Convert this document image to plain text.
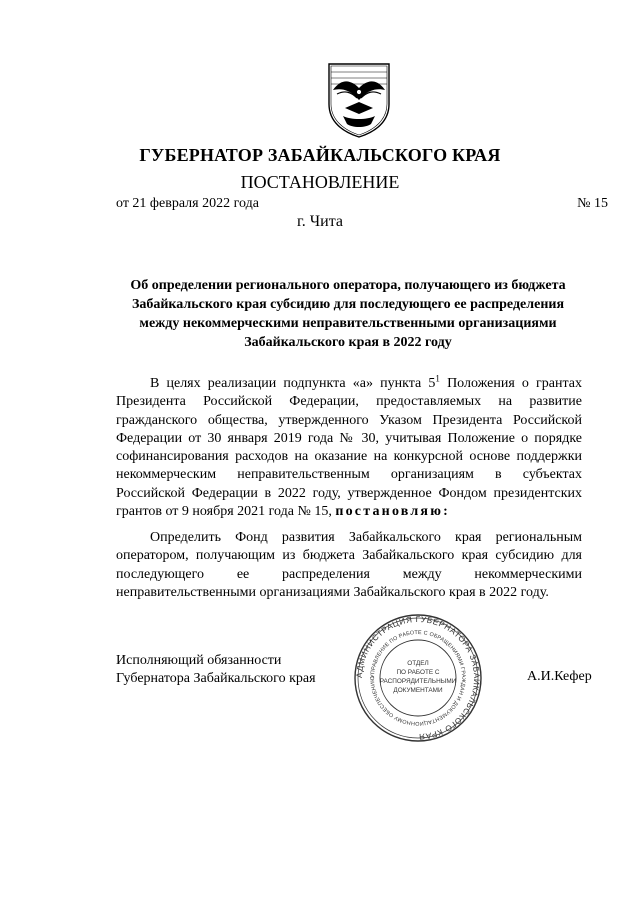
ГУБЕРНАТОР ЗАБАЙКАЛЬСКОГО КРАЯ
ПОСТАНОВЛЕНИЕ
от 21 февраля 2022 года	№ 15
г. Чита
Об определении регионального оператора, получающего из бюджета
Забайкальского края субсидию для последующего ее распределения
между некоммерческими неправительственными организациями
Забайкальского края в 2022 году

В целях реализации подпункта «а» пункта $5^1$ Положения о грантах Президента Российской Федерации, предоставляемых на развитие гражданского общества, утвержденного Указом Президента Российской Федерации от 30 января 2019 года № 30, учитывая Положение о порядке софинансирования расходов на оказание на конкурсной основе поддержки некоммерческим неправительственным организациям в субъектах Российской Федерации в 2022 году, утвержденное Фондом президентских грантов от 9 ноября 2021 года № 15, постановляю:

Определить Фонд развития Забайкальского края региональным оператором, получающим из бюджета Забайкальского края субсидию для последующего ее распределения между некоммерческими неправительственными организациями Забайкальского края в 2022 году.

Исполняющий обязанности
Губернатора Забайкальского края	АДМИНИСТРАЦИЯ ГУБЕРНАТОРА ЗАБАЙКАЛЬСКОГО КРАЯ
УПРАВЛЕНИЕ ПО РАБОТЕ С ОБРАЩЕНИЯМИ ГРАЖДАН И ДОКУМЕНТАЦИОННОМУ ОБЕСПЕЧЕНИЮ
ОТДЕЛ
ПО РАБОТЕ С
РАСПОРЯДИТЕЛЬНЫМИ
ДОКУМЕНТАМИ
А.И.Кефер
